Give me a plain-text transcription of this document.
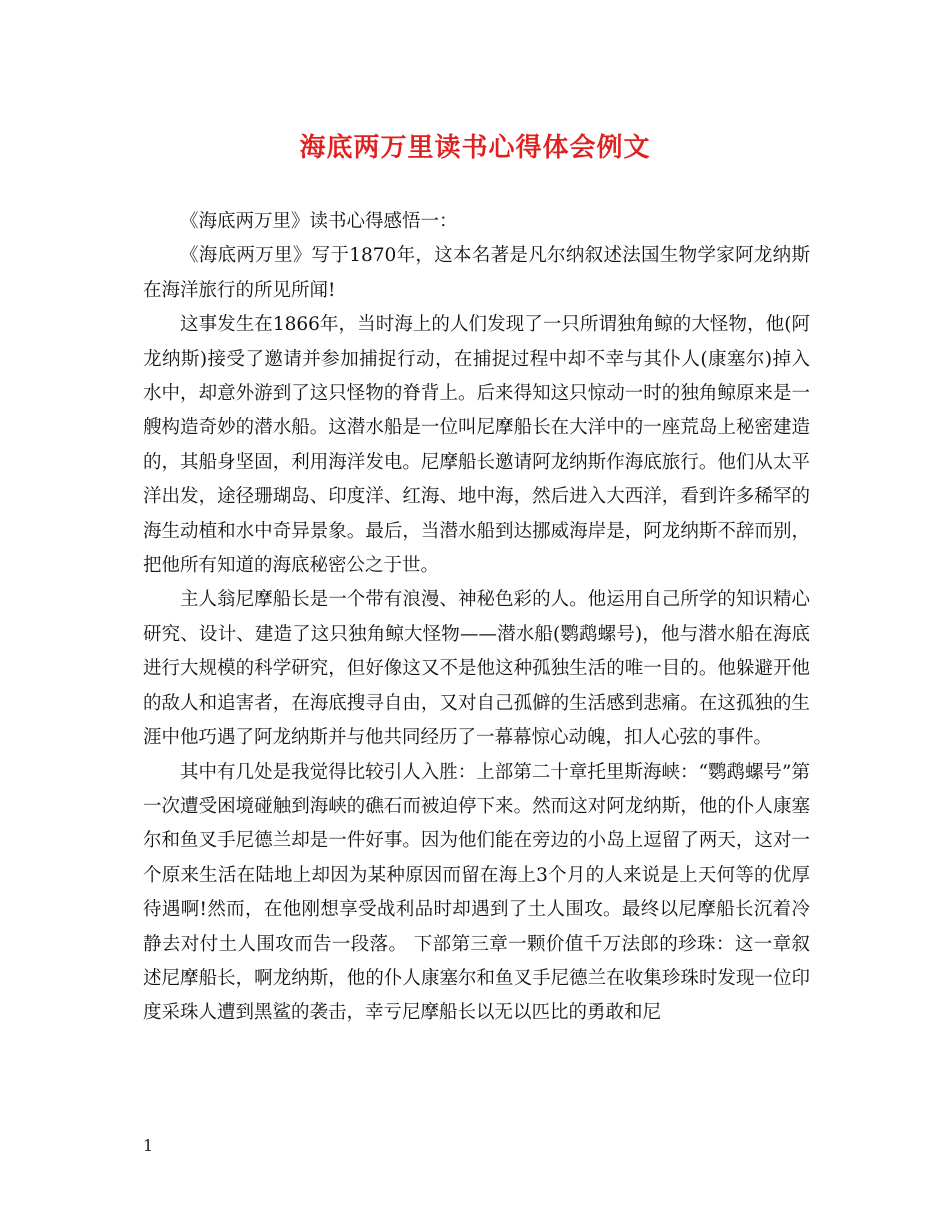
海底两万里读书心得体会例文

《海底两万里》读书心得感悟一：

《海底两万里》写于1870年，这本名著是凡尔纳叙述法国生物学家阿龙纳斯在海洋旅行的所见所闻!

这事发生在1866年，当时海上的人们发现了一只所谓独角鲸的大怪物，他(阿龙纳斯)接受了邀请并参加捕捉行动，在捕捉过程中却不幸与其仆人(康塞尔)掉入水中，却意外游到了这只怪物的脊背上。后来得知这只惊动一时的独角鲸原来是一艘构造奇妙的潜水船。这潜水船是一位叫尼摩船长在大洋中的一座荒岛上秘密建造的，其船身坚固，利用海洋发电。尼摩船长邀请阿龙纳斯作海底旅行。他们从太平洋出发，途径珊瑚岛、印度洋、红海、地中海，然后进入大西洋，看到许多稀罕的海生动植和水中奇异景象。最后，当潜水船到达挪威海岸是，阿龙纳斯不辞而别，把他所有知道的海底秘密公之于世。

主人翁尼摩船长是一个带有浪漫、神秘色彩的人。他运用自己所学的知识精心研究、设计、建造了这只独角鲸大怪物——潜水船(鹦鹉螺号)，他与潜水船在海底进行大规模的科学研究，但好像这又不是他这种孤独生活的唯一目的。他躲避开他的敌人和追害者，在海底搜寻自由，又对自己孤僻的生活感到悲痛。在这孤独的生涯中他巧遇了阿龙纳斯并与他共同经历了一幕幕惊心动魄，扣人心弦的事件。

其中有几处是我觉得比较引人入胜：上部第二十章托里斯海峡：“鹦鹉螺号”第一次遭受困境碰触到海峡的礁石而被迫停下来。然而这对阿龙纳斯，他的仆人康塞尔和鱼叉手尼德兰却是一件好事。因为他们能在旁边的小岛上逗留了两天，这对一个原来生活在陆地上却因为某种原因而留在海上3个月的人来说是上天何等的优厚待遇啊!然而，在他刚想享受战利品时却遇到了土人围攻。最终以尼摩船长沉着冷静去对付土人围攻而告一段落。 下部第三章一颗价值千万法郎的珍珠：这一章叙述尼摩船长，啊龙纳斯，他的仆人康塞尔和鱼叉手尼德兰在收集珍珠时发现一位印度采珠人遭到黑鲨的袭击，幸亏尼摩船长以无以匹比的勇敢和尼

1
